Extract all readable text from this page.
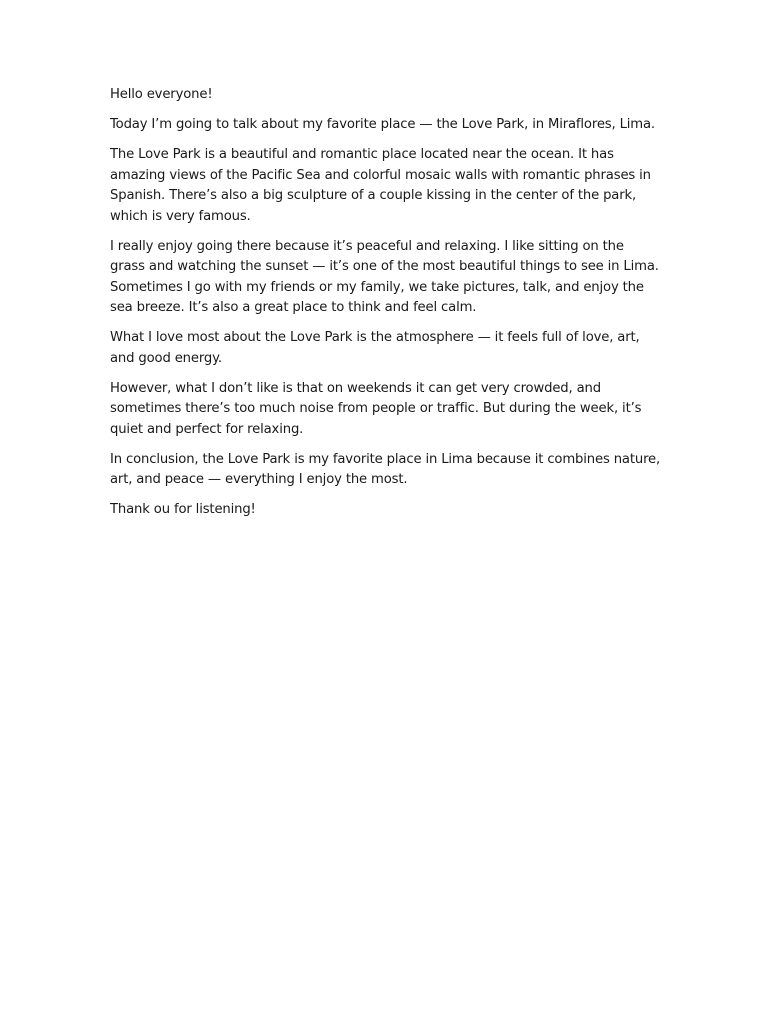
Hello everyone!

Today I’m going to talk about my favorite place — the Love Park, in Miraflores, Lima.

The Love Park is a beautiful and romantic place located near the ocean. It has amazing views of the Pacific Sea and colorful mosaic walls with romantic phrases in Spanish. There’s also a big sculpture of a couple kissing in the center of the park, which is very famous.

I really enjoy going there because it’s peaceful and relaxing. I like sitting on the grass and watching the sunset — it’s one of the most beautiful things to see in Lima. Sometimes I go with my friends or my family, we take pictures, talk, and enjoy the sea breeze. It’s also a great place to think and feel calm.

What I love most about the Love Park is the atmosphere — it feels full of love, art, and good energy.

However, what I don’t like is that on weekends it can get very crowded, and sometimes there’s too much noise from people or traffic. But during the week, it’s quiet and perfect for relaxing.

In conclusion, the Love Park is my favorite place in Lima because it combines nature, art, and peace — everything I enjoy the most.

Thank ou for listening!
